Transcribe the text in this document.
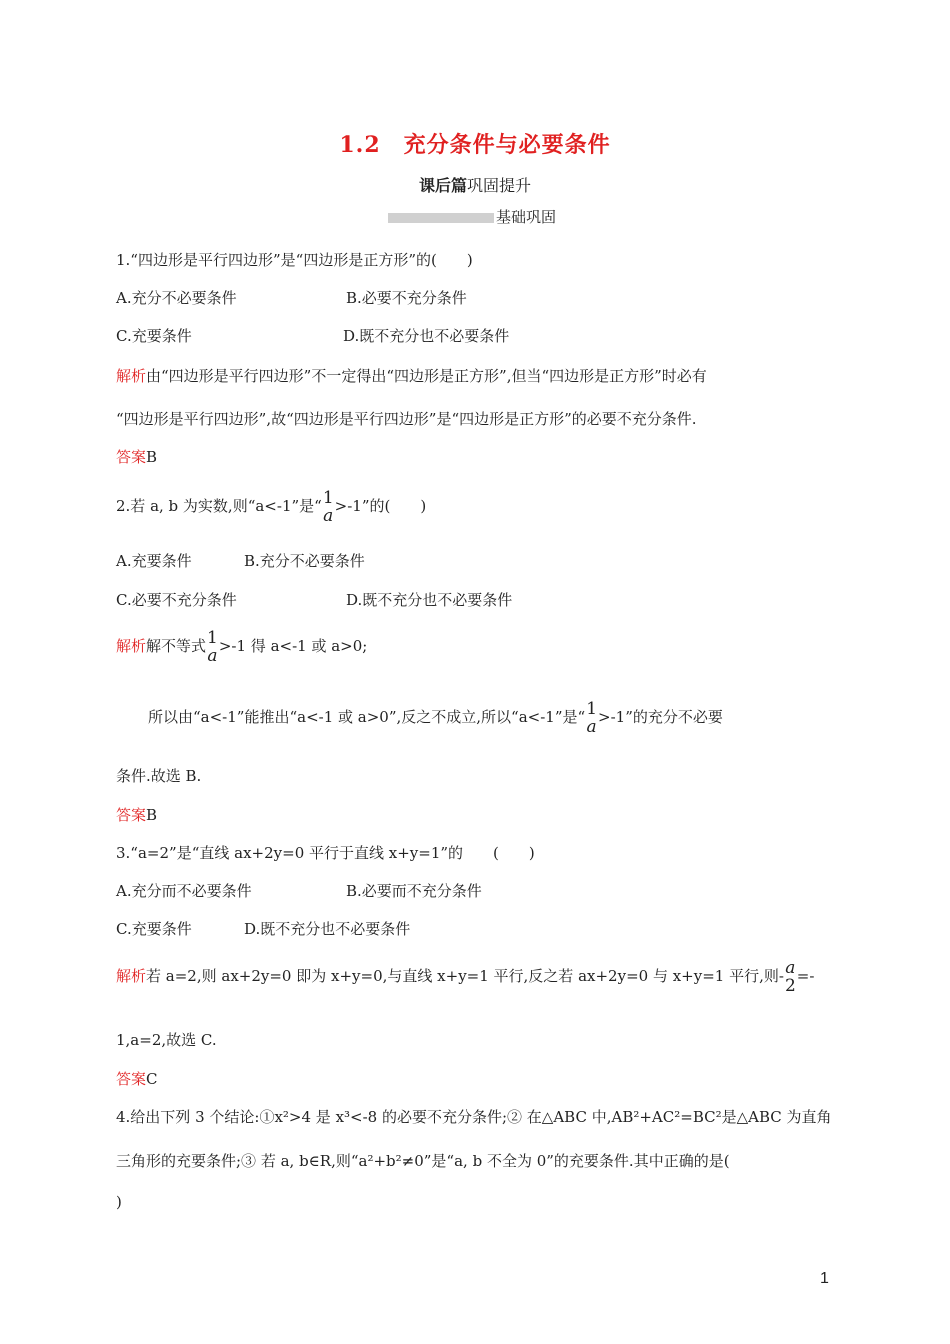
1.2　充分条件与必要条件
课后篇巩固提升
基础巩固
1.“四边形是平行四边形”是“四边形是正方形”的(　　)
A.充分不必要条件	B.必要不充分条件
C.充要条件	D.既不充分也不必要条件
解析由“四边形是平行四边形”不一定得出“四边形是正方形”,但当“四边形是正方形”时必有
“四边形是平行四边形”,故“四边形是平行四边形”是“四边形是正方形”的必要不充分条件.
答案B
2.若 a, b 为实数,则“a<-1”是“ 1
a >-1”的(　　)
A.充要条件	B.充分不必要条件
C.必要不充分条件	D.既不充分也不必要条件
解析解不等式 1
a >-1 得 a<-1 或 a>0;
所以由“a<-1”能推出“a<-1 或 a>0”,反之不成立,所以“a<-1”是“ 1
a >-1”的充分不必要
条件.故选 B.
答案B
3.“a=2”是“直线 ax+2y=0 平行于直线 x+y=1”的　　(　　)
A.充分而不必要条件	B.必要而不充分条件
C.充要条件	D.既不充分也不必要条件
解析若 a=2,则 ax+2y=0 即为 x+y=0,与直线 x+y=1 平行,反之若 ax+2y=0 与 x+y=1 平行,则- a
2 =-
1,a=2,故选 C.
答案C
4.给出下列 3 个结论:①x²>4 是 x³<-8 的必要不充分条件;② 在△ABC 中,AB²+AC²=BC²是△ABC 为直角
三角形的充要条件;③ 若 a, b∈R,则“a²+b²≠0”是“a, b 不全为 0”的充要条件.其中正确的是(
)
1
